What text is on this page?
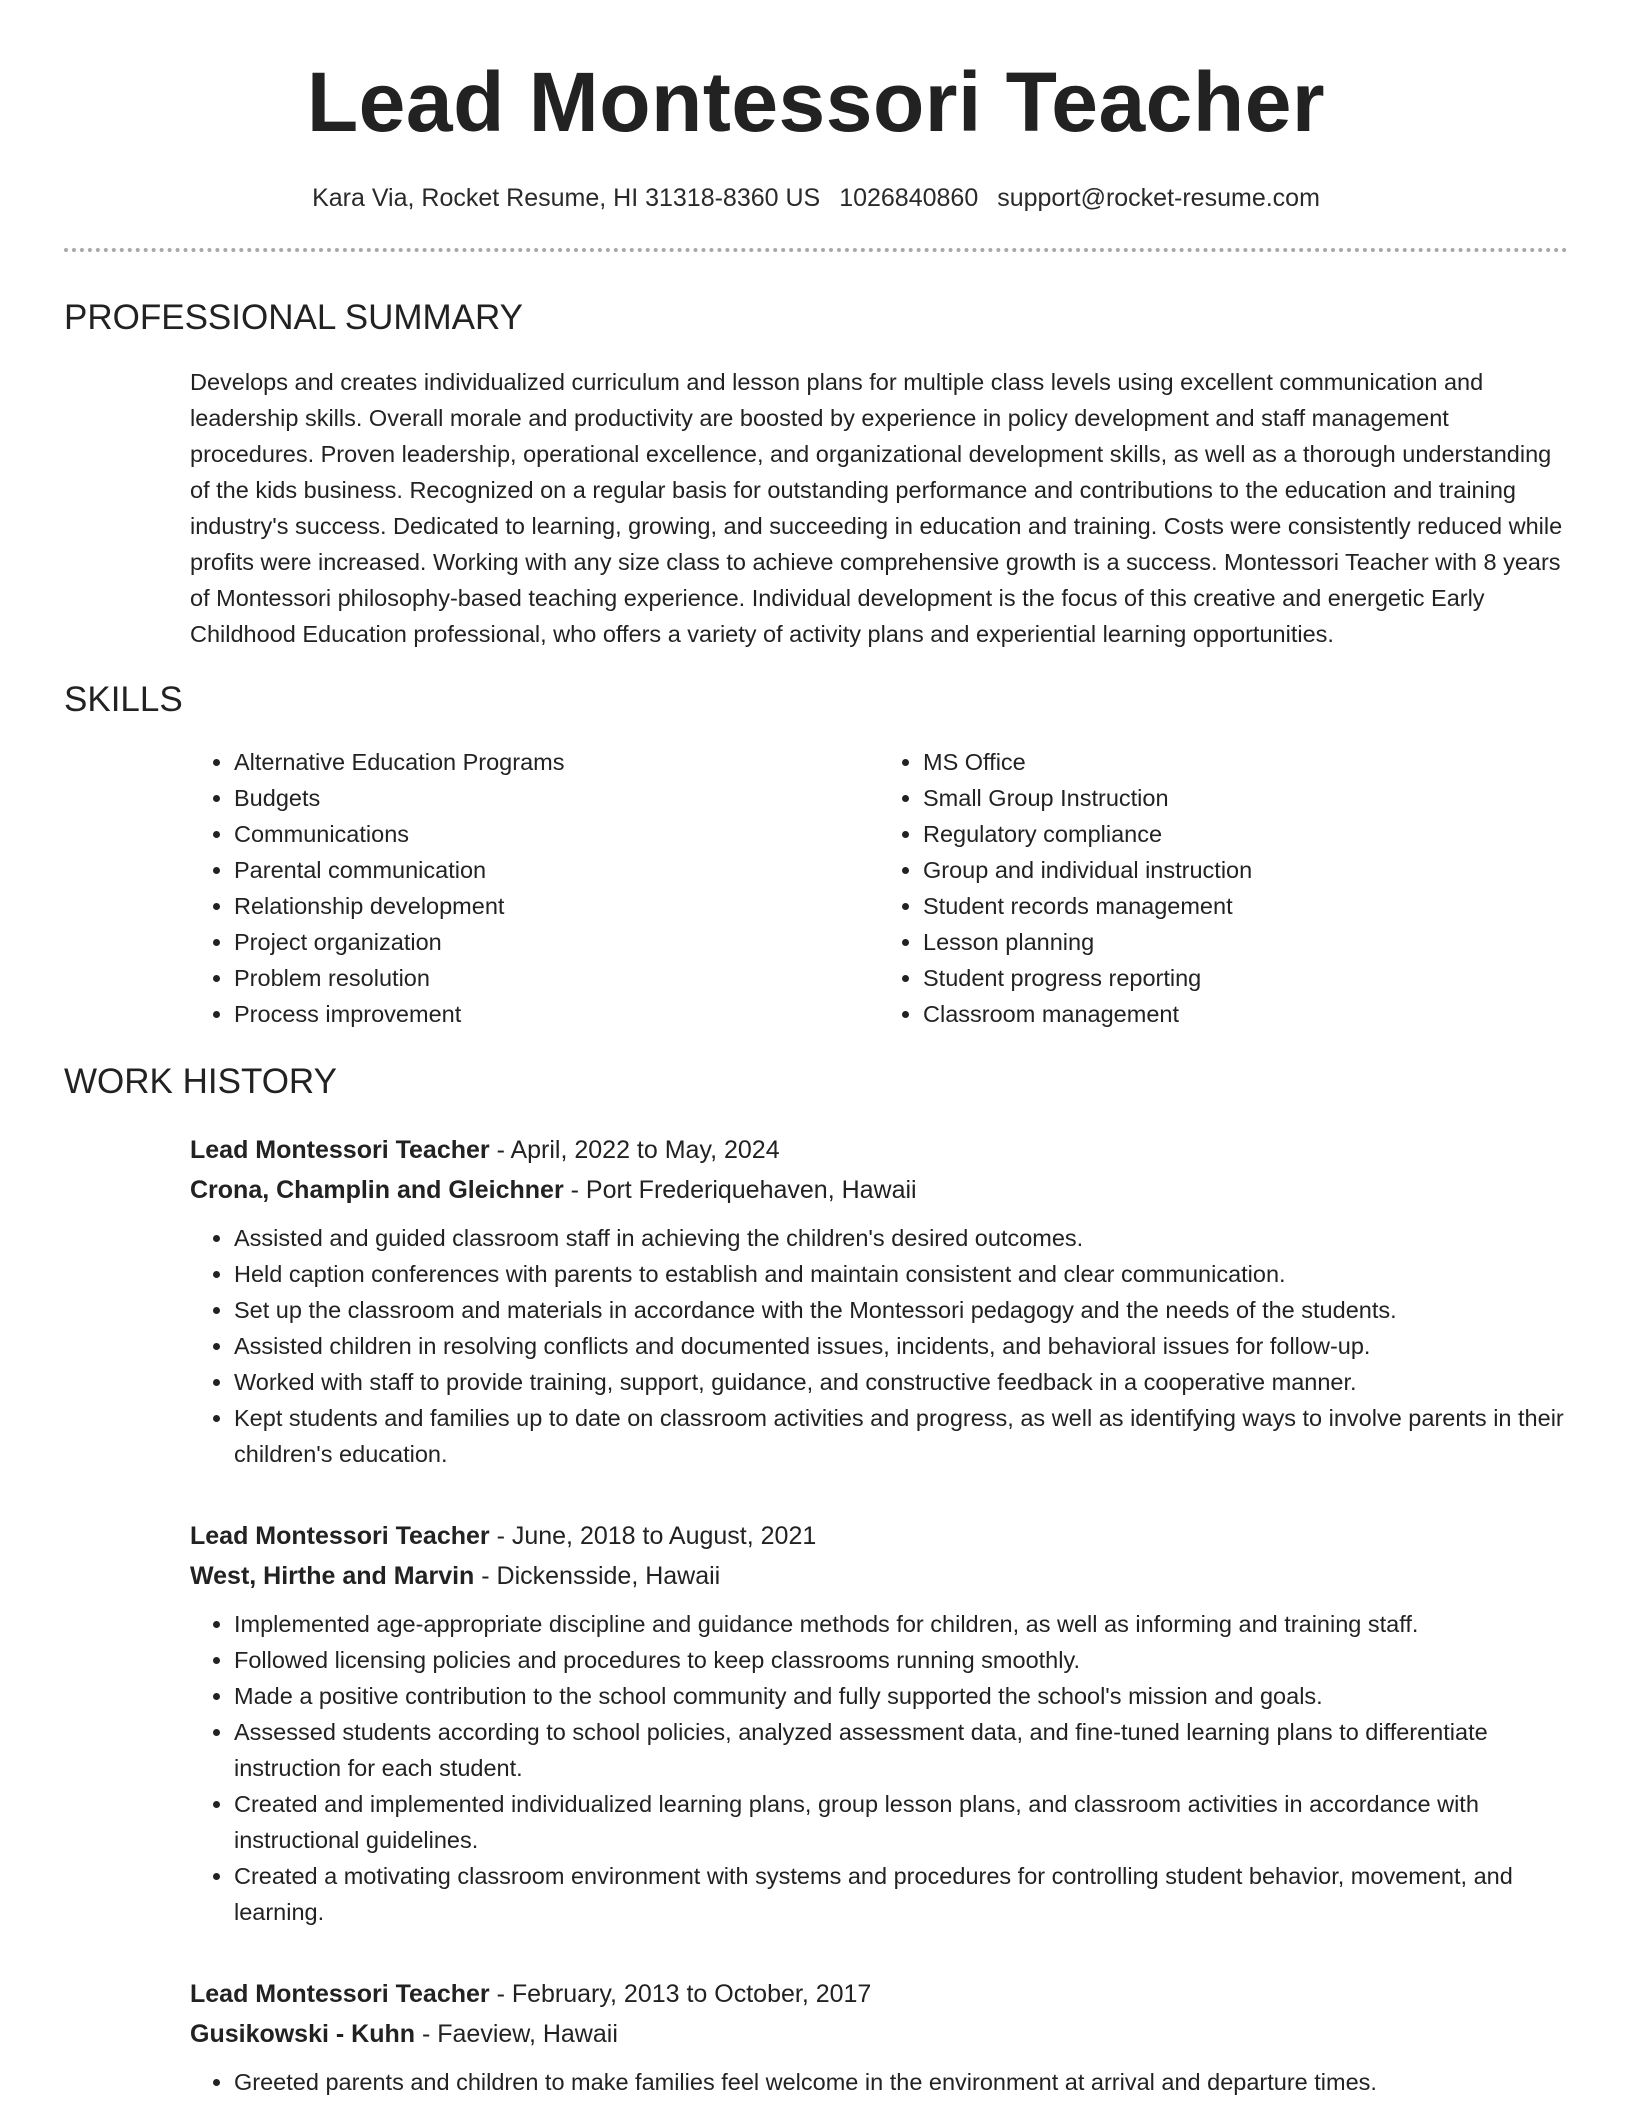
Lead Montessori Teacher
Kara Via, Rocket Resume, HI 31318-8360 US 1026840860 support@rocket-resume.com
PROFESSIONAL SUMMARY
Develops and creates individualized curriculum and lesson plans for multiple class levels using excellent communication and leadership skills. Overall morale and productivity are boosted by experience in policy development and staff management procedures. Proven leadership, operational excellence, and organizational development skills, as well as a thorough understanding of the kids business. Recognized on a regular basis for outstanding performance and contributions to the education and training industry's success. Dedicated to learning, growing, and succeeding in education and training. Costs were consistently reduced while profits were increased. Working with any size class to achieve comprehensive growth is a success. Montessori Teacher with 8 years of Montessori philosophy-based teaching experience. Individual development is the focus of this creative and energetic Early Childhood Education professional, who offers a variety of activity plans and experiential learning opportunities.
SKILLS
• Alternative Education Programs
• Budgets
• Communications
• Parental communication
• Relationship development
• Project organization
• Problem resolution
• Process improvement
• MS Office
• Small Group Instruction
• Regulatory compliance
• Group and individual instruction
• Student records management
• Lesson planning
• Student progress reporting
• Classroom management
WORK HISTORY
Lead Montessori Teacher - April, 2022 to May, 2024
Crona, Champlin and Gleichner - Port Frederiquehaven, Hawaii
• Assisted and guided classroom staff in achieving the children's desired outcomes.
• Held caption conferences with parents to establish and maintain consistent and clear communication.
• Set up the classroom and materials in accordance with the Montessori pedagogy and the needs of the students.
• Assisted children in resolving conflicts and documented issues, incidents, and behavioral issues for follow-up.
• Worked with staff to provide training, support, guidance, and constructive feedback in a cooperative manner.
• Kept students and families up to date on classroom activities and progress, as well as identifying ways to involve parents in their children's education.
Lead Montessori Teacher - June, 2018 to August, 2021
West, Hirthe and Marvin - Dickensside, Hawaii
• Implemented age-appropriate discipline and guidance methods for children, as well as informing and training staff.
• Followed licensing policies and procedures to keep classrooms running smoothly.
• Made a positive contribution to the school community and fully supported the school's mission and goals.
• Assessed students according to school policies, analyzed assessment data, and fine-tuned learning plans to differentiate instruction for each student.
• Created and implemented individualized learning plans, group lesson plans, and classroom activities in accordance with instructional guidelines.
• Created a motivating classroom environment with systems and procedures for controlling student behavior, movement, and learning.
Lead Montessori Teacher - February, 2013 to October, 2017
Gusikowski - Kuhn - Faeview, Hawaii
• Greeted parents and children to make families feel welcome in the environment at arrival and departure times.
